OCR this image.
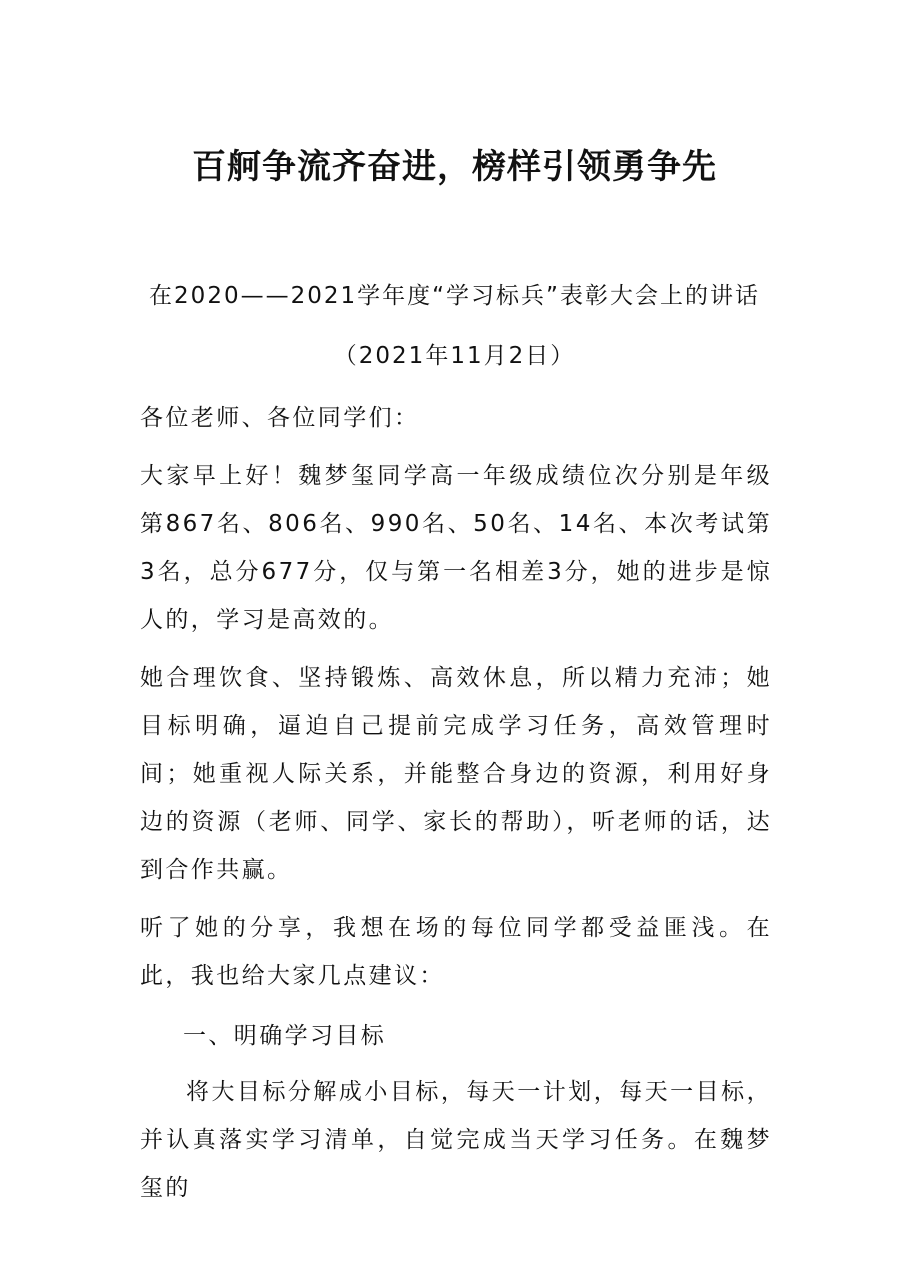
百舸争流齐奋进，榜样引领勇争先

在2020——2021学年度“学习标兵”表彰大会上的讲话

（2021年11月2日）

各位老师、各位同学们：

大家早上好！魏梦玺同学高一年级成绩位次分别是年级第867名、806名、990名、50名、14名、本次考试第3名，总分677分，仅与第一名相差3分，她的进步是惊人的，学习是高效的。

她合理饮食、坚持锻炼、高效休息，所以精力充沛；她目标明确，逼迫自己提前完成学习任务，高效管理时间；她重视人际关系，并能整合身边的资源，利用好身边的资源（老师、同学、家长的帮助），听老师的话，达到合作共赢。

听了她的分享，我想在场的每位同学都受益匪浅。在此，我也给大家几点建议：

一、明确学习目标

将大目标分解成小目标，每天一计划，每天一目标，并认真落实学习清单，自觉完成当天学习任务。在魏梦玺的
